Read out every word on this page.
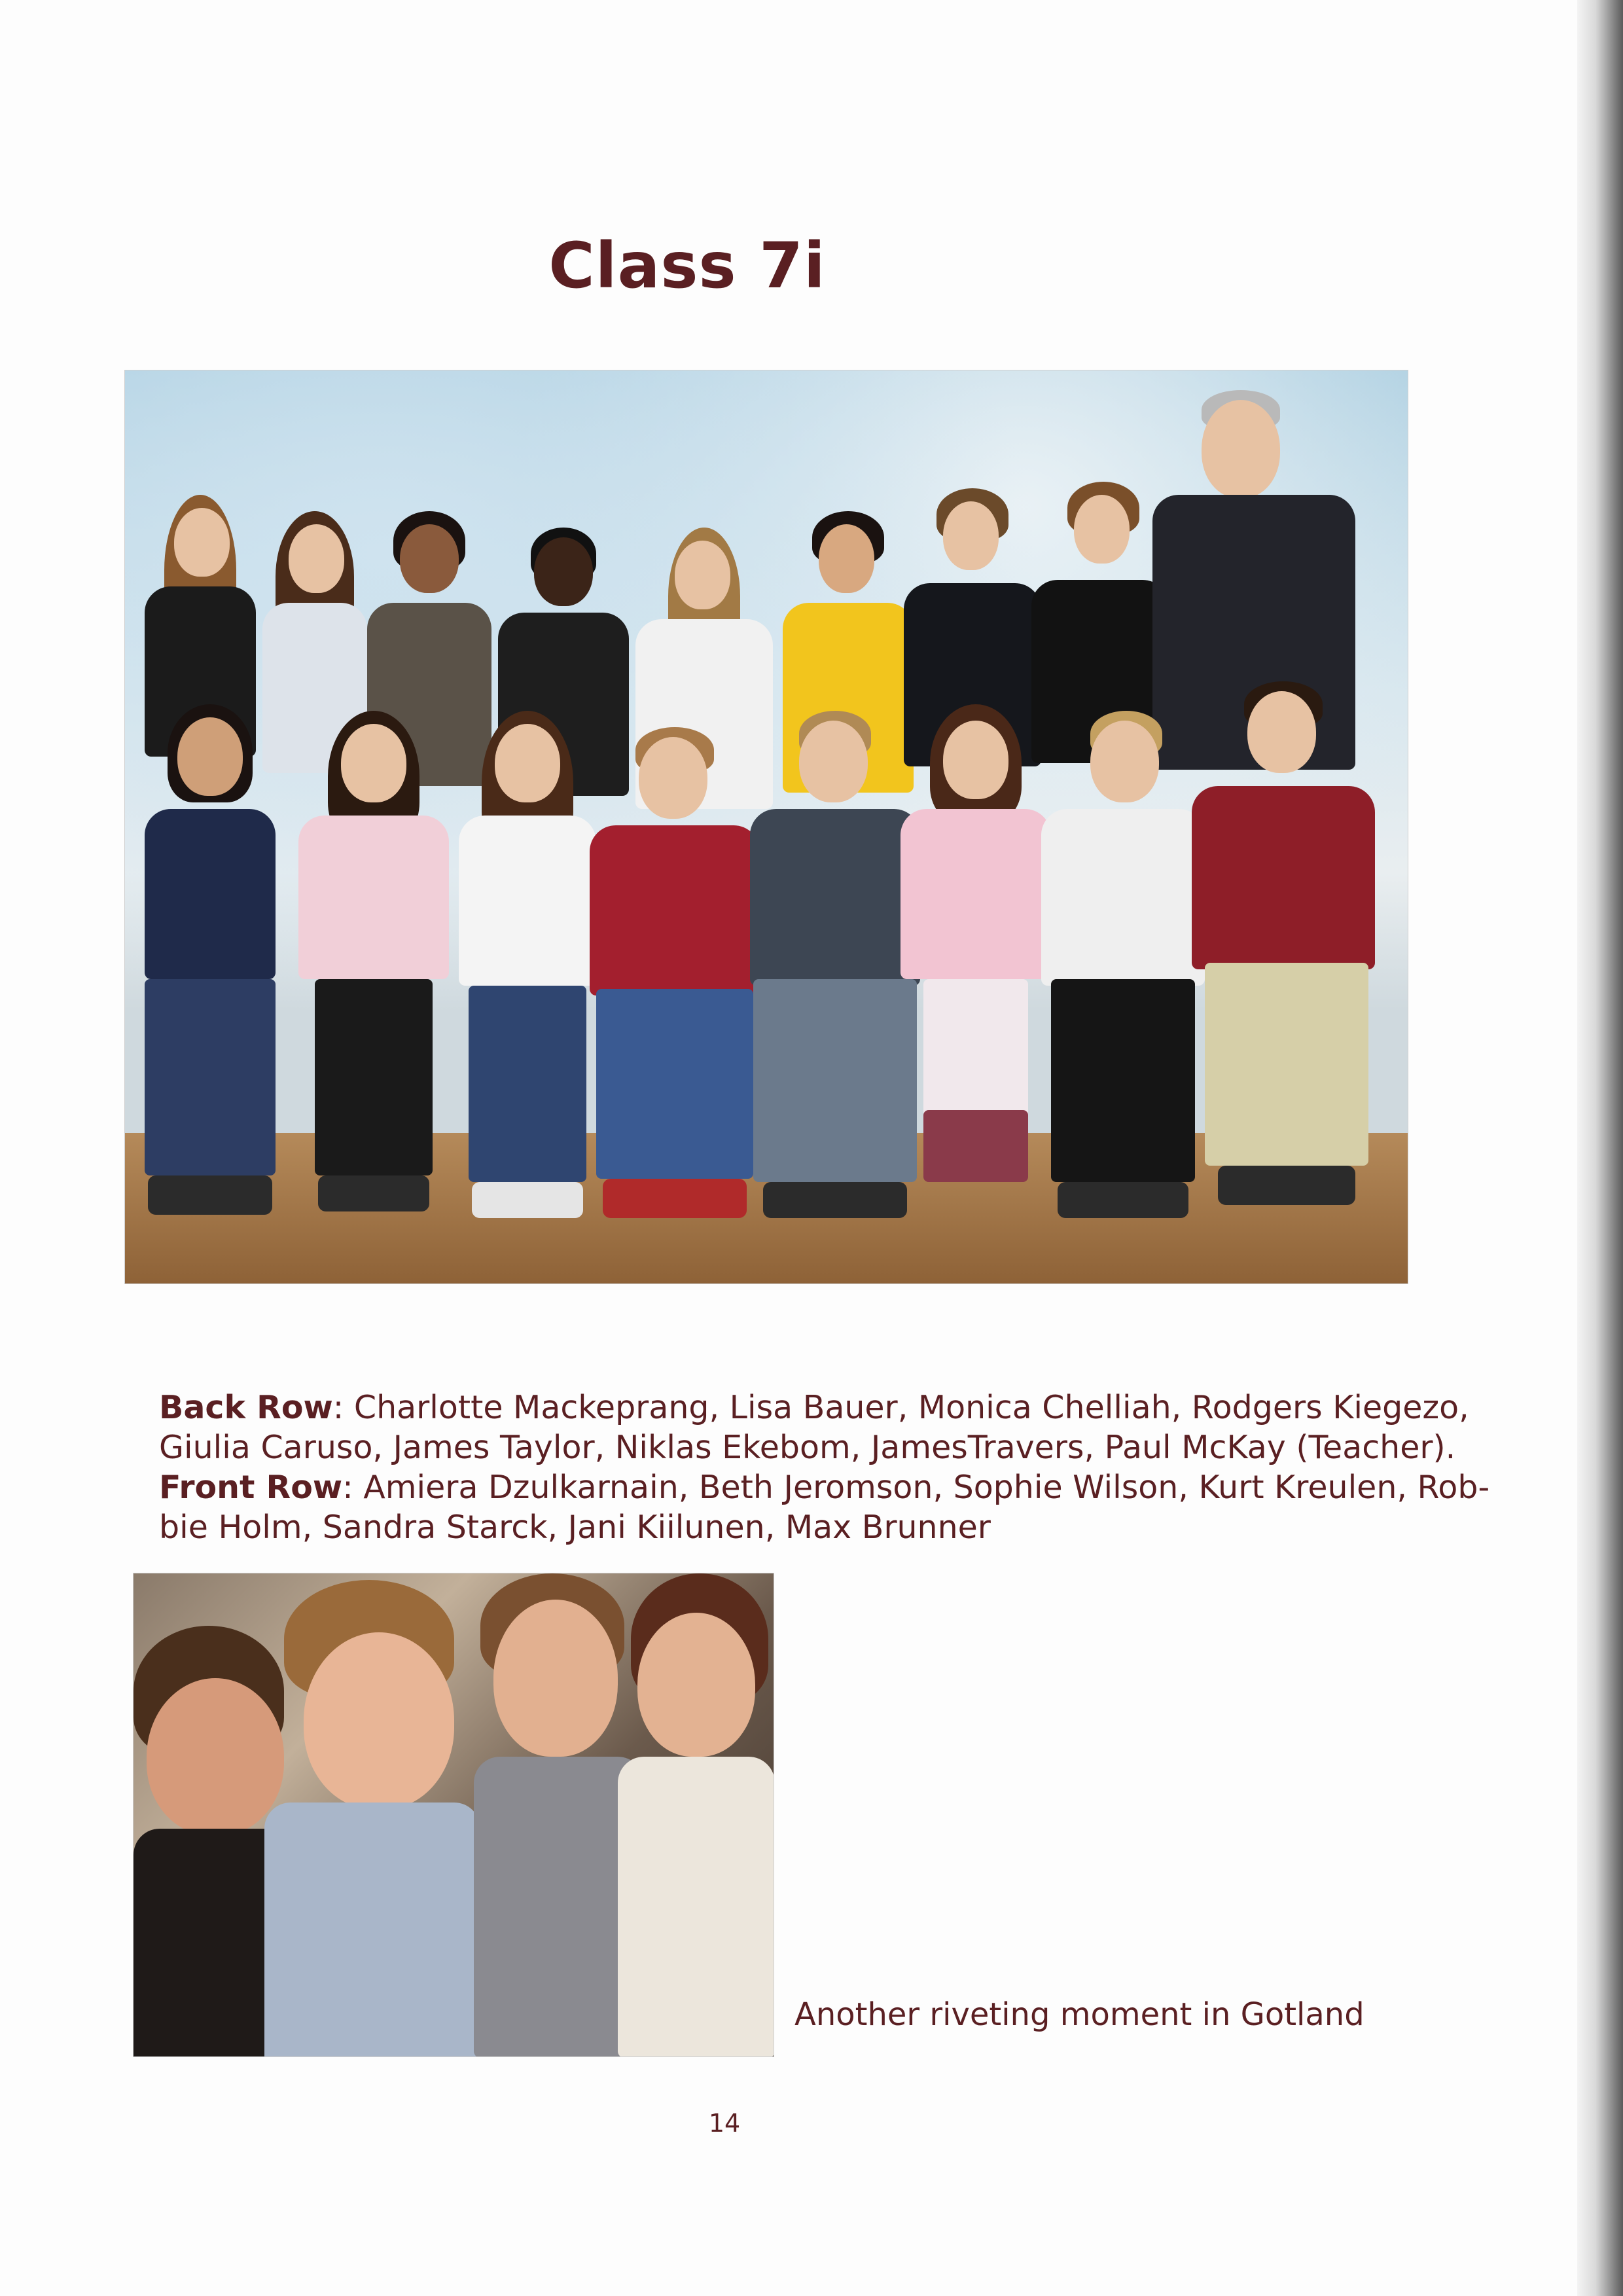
Class 7i
Back Row: Charlotte Mackeprang, Lisa Bauer, Monica Chelliah, Rodgers Kiegezo,
Giulia Caruso, James Taylor, Niklas Ekebom, JamesTravers, Paul McKay (Teacher).
Front Row: Amiera Dzulkarnain, Beth Jeromson, Sophie Wilson, Kurt Kreulen, Rob-
bie Holm, Sandra Starck, Jani Kiilunen, Max Brunner
Another riveting moment in Gotland
14
